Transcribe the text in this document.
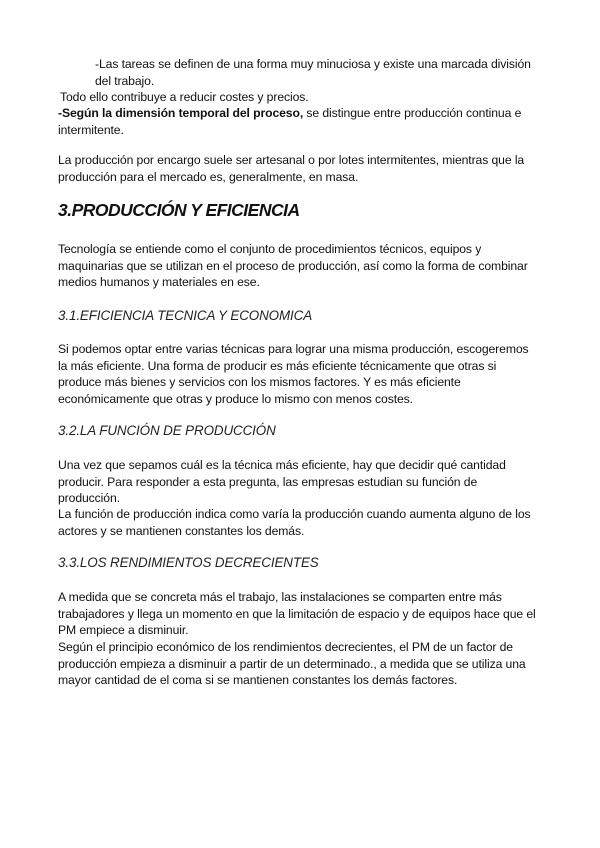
-Las tareas se definen de una forma muy minuciosa y existe una marcada división del trabajo.
Todo ello contribuye a reducir costes y precios.
-Según la dimensión temporal del proceso, se distingue entre producción continua e intermitente.
La producción por encargo suele ser artesanal o por lotes intermitentes, mientras que la producción para el mercado es, generalmente, en masa.
3.PRODUCCIÓN Y EFICIENCIA
Tecnología se entiende como el conjunto de procedimientos técnicos, equipos y maquinarias que se utilizan en el proceso de producción, así como la forma de combinar medios humanos y materiales en ese.
3.1.EFICIENCIA TECNICA Y ECONOMICA
Si podemos optar entre varias técnicas para lograr una misma producción, escogeremos la más eficiente. Una forma de producir es más eficiente técnicamente que otras si produce más bienes y servicios con los mismos factores. Y es más eficiente económicamente que otras y produce lo mismo con menos costes.
3.2.LA FUNCIÓN DE PRODUCCIÓN
Una vez que sepamos cuál es la técnica más eficiente, hay que decidir qué cantidad producir. Para responder a esta pregunta, las empresas estudian su función de producción.
La función de producción indica como varía la producción cuando aumenta alguno de los actores y se mantienen constantes los demás.
3.3.LOS RENDIMIENTOS DECRECIENTES
A medida que se concreta más el trabajo, las instalaciones se comparten entre más trabajadores y llega un momento en que la limitación de espacio y de equipos hace que el PM empiece a disminuir.
Según el principio económico de los rendimientos decrecientes, el PM de un factor de producción empieza a disminuir a partir de un determinado., a medida que se utiliza una mayor cantidad de el coma si se mantienen constantes los demás factores.
